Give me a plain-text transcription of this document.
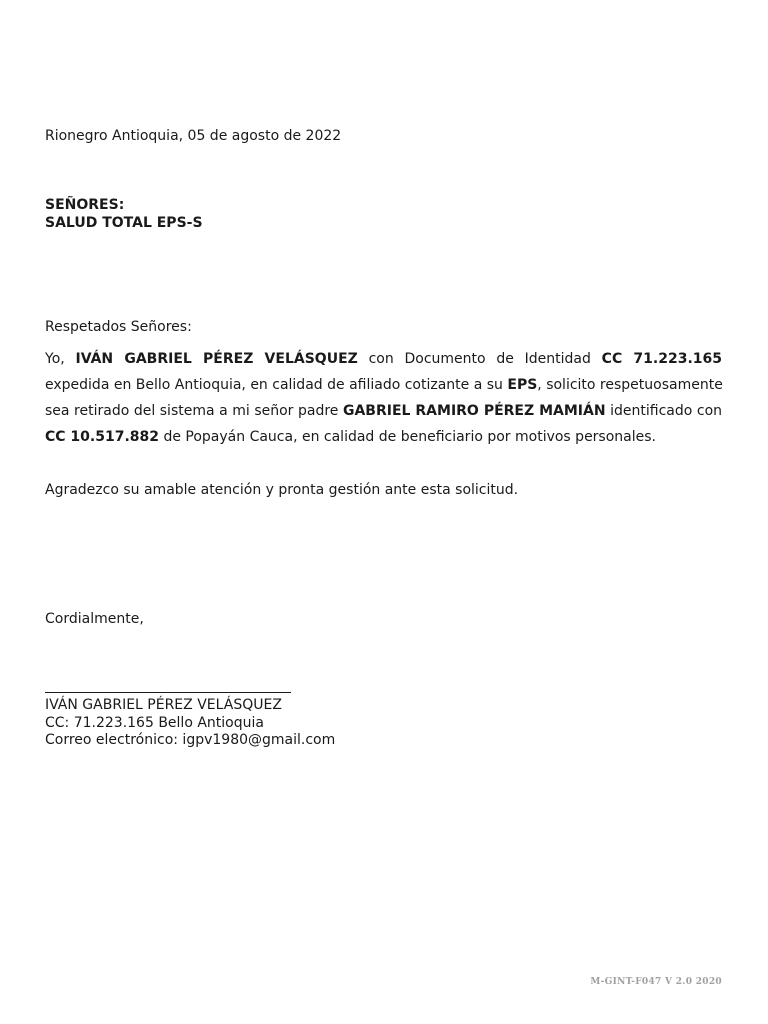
Rionegro Antioquia, 05 de agosto de 2022
SEÑORES:
SALUD TOTAL EPS-S
Respetados Señores:
Yo, IVÁN GABRIEL PÉREZ VELÁSQUEZ con Documento de Identidad CC 71.223.165
expedida en Bello Antioquia, en calidad de afiliado cotizante a su EPS, solicito respetuosamente
sea retirado del sistema a mi señor padre GABRIEL RAMIRO PÉREZ MAMIÁN identificado con
CC 10.517.882 de Popayán Cauca, en calidad de beneficiario por motivos personales.
Agradezco su amable atención y pronta gestión ante esta solicitud.
Cordialmente,
IVÁN GABRIEL PÉREZ VELÁSQUEZ
CC: 71.223.165 Bello Antioquia
Correo electrónico: igpv1980@gmail.com
M-GINT-F047 V 2.0 2020
